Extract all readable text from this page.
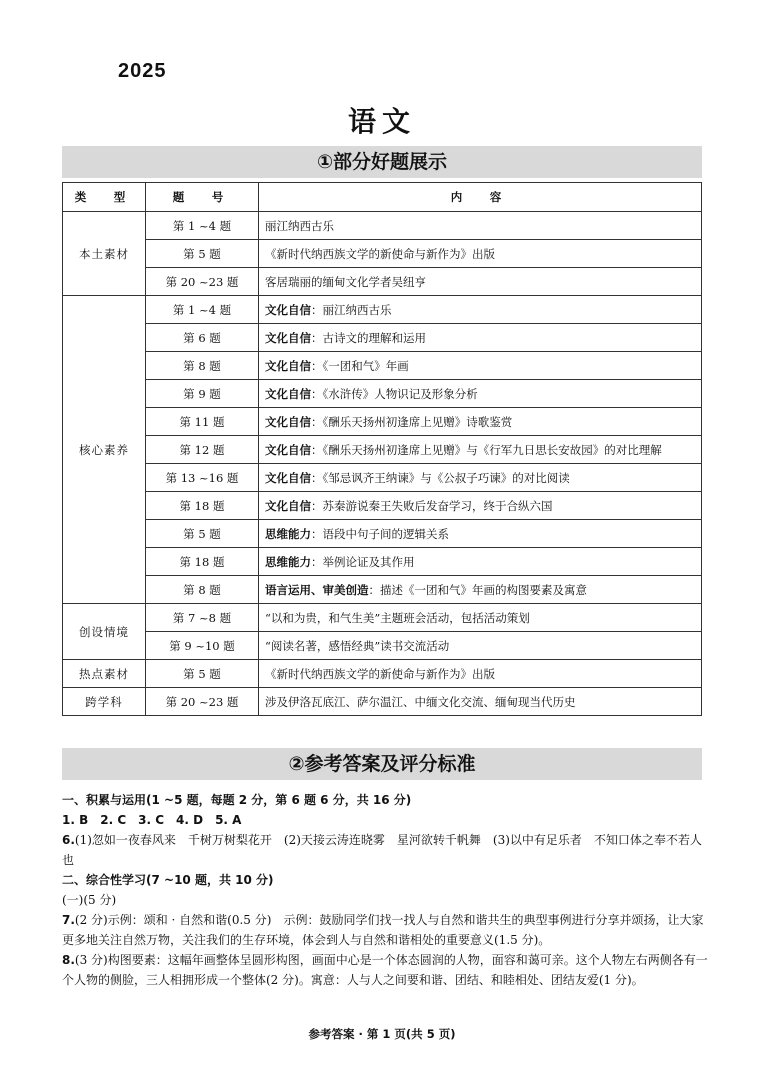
2025
语文
①部分好题展示
类　型	题　号	内　容
本土素材	第 1 ~4 题	丽江纳西古乐
	第 5 题	《新时代纳西族文学的新使命与新作为》出版
	第 20 ~23 题	客居瑞丽的缅甸文化学者吴纽亨
核心素养	第 1 ~4 题	文化自信：丽江纳西古乐
	第 6 题	文化自信：古诗文的理解和运用
	第 8 题	文化自信：《一团和气》年画
	第 9 题	文化自信：《水浒传》人物识记及形象分析
	第 11 题	文化自信：《酬乐天扬州初逢席上见赠》诗歌鉴赏
	第 12 题	文化自信：《酬乐天扬州初逢席上见赠》与《行军九日思长安故园》的对比理解
	第 13 ~16 题	文化自信：《邹忌讽齐王纳谏》与《公叔子巧谏》的对比阅读
	第 18 题	文化自信：苏秦游说秦王失败后发奋学习，终于合纵六国
	第 5 题	思维能力：语段中句子间的逻辑关系
	第 18 题	思维能力：举例论证及其作用
	第 8 题	语言运用、审美创造：描述《一团和气》年画的构图要素及寓意
创设情境	第 7 ~8 题	“以和为贵，和气生美”主题班会活动，包括活动策划
	第 9 ~10 题	“阅读名著，感悟经典”读书交流活动
热点素材	第 5 题	《新时代纳西族文学的新使命与新作为》出版
跨学科	第 20 ~23 题	涉及伊洛瓦底江、萨尔温江、中缅文化交流、缅甸现当代历史
②参考答案及评分标准

一、积累与运用(1 ~5 题，每题 2 分，第 6 题 6 分，共 16 分)

1. B　2. C　3. C　4. D　5. A

6.(1)忽如一夜春风来　千树万树梨花开　(2)天接云涛连晓雾　星河欲转千帆舞　(3)以中有足乐者　不知口体之奉不若人也

二、综合性学习(7 ~10 题，共 10 分)

(一)(5 分)

7.(2 分)示例：颂和 · 自然和谐(0.5 分)　示例：鼓励同学们找一找人与自然和谐共生的典型事例进行分享并颂扬，让大家更多地关注自然万物，关注我们的生存环境，体会到人与自然和谐相处的重要意义(1.5 分)。

8.(3 分)构图要素：这幅年画整体呈圆形构图，画面中心是一个体态圆润的人物，面容和蔼可亲。这个人物左右两侧各有一个人物的侧脸，三人相拥形成一个整体(2 分)。寓意：人与人之间要和谐、团结、和睦相处、团结友爱(1 分)。

参考答案 · 第 1 页(共 5 页)
